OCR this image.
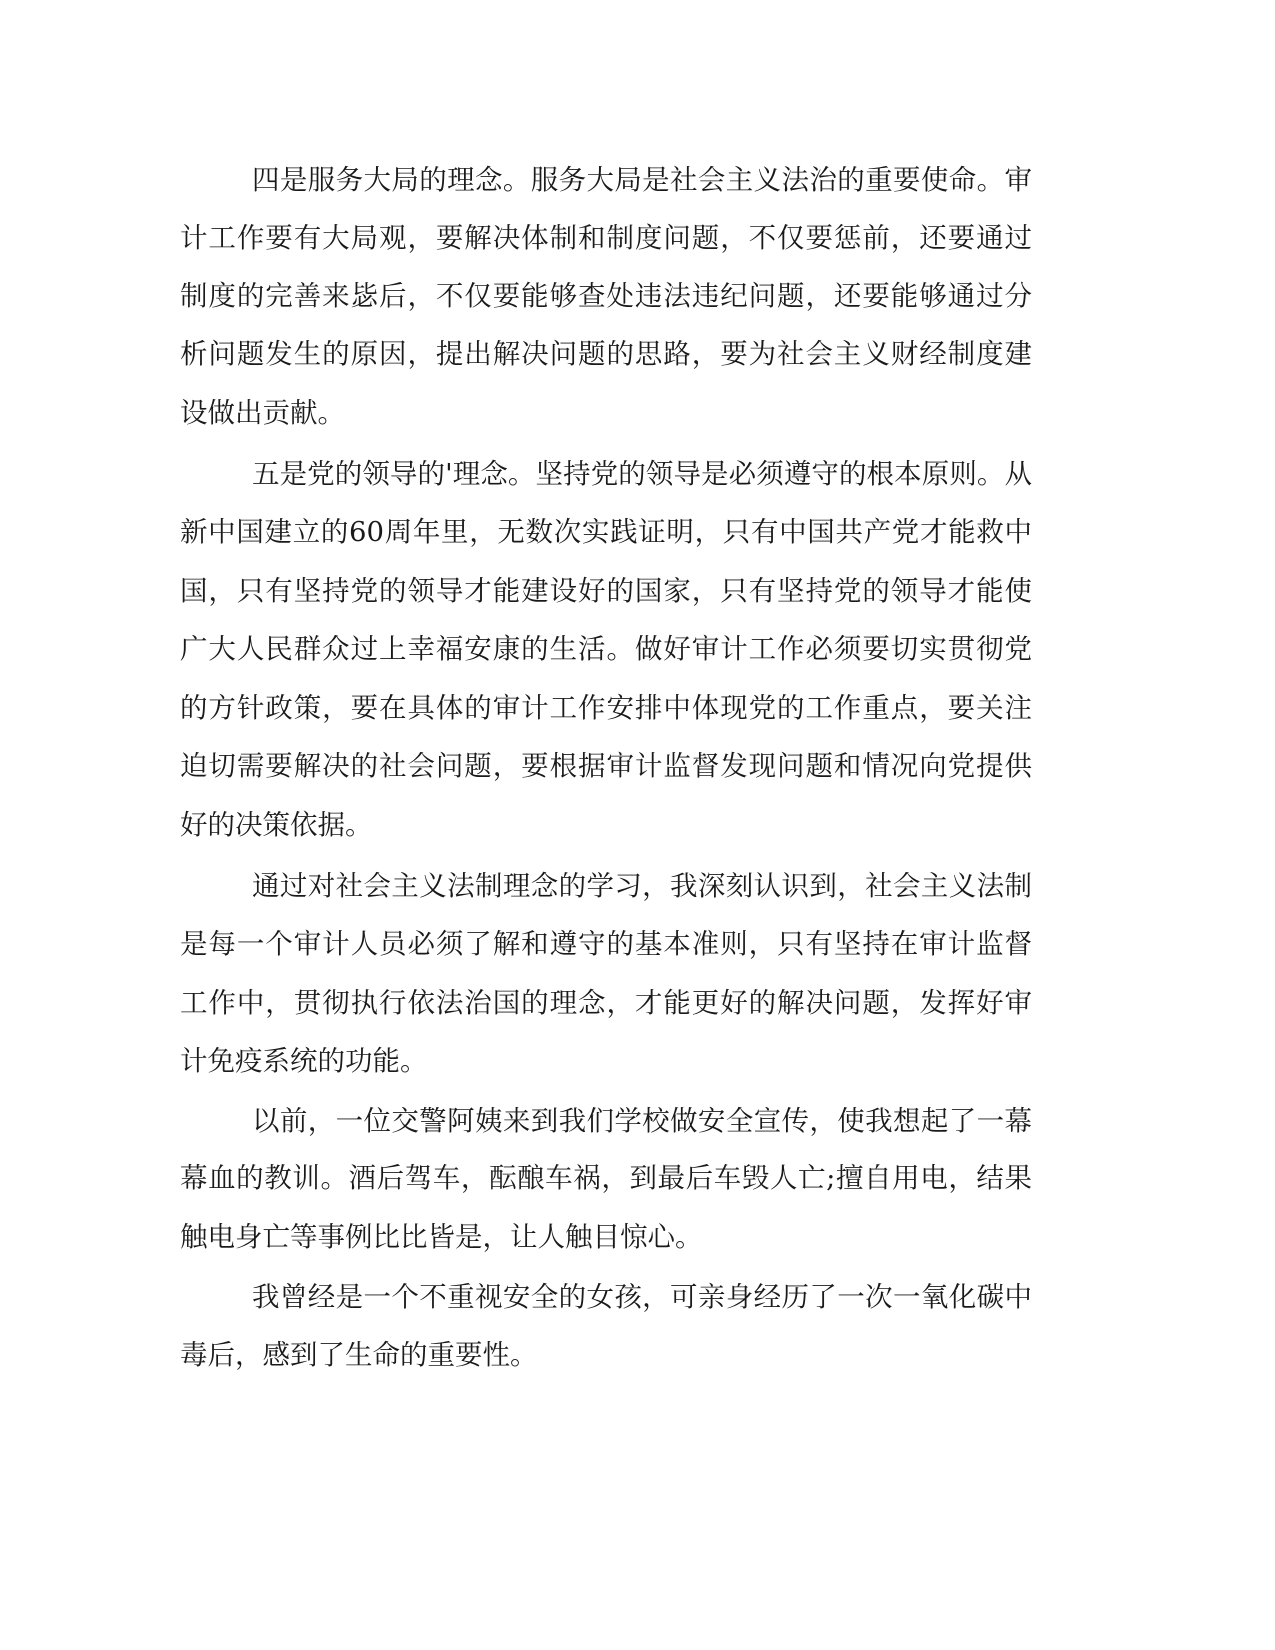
四是服务大局的理念。服务大局是社会主义法治的重要使命。审
计工作要有大局观，要解决体制和制度问题，不仅要惩前，还要通过
制度的完善来毖后，不仅要能够查处违法违纪问题，还要能够通过分
析问题发生的原因，提出解决问题的思路，要为社会主义财经制度建
设做出贡献。
五是党的领导的'理念。坚持党的领导是必须遵守的根本原则。从
新中国建立的60周年里，无数次实践证明，只有中国共产党才能救中
国，只有坚持党的领导才能建设好的国家，只有坚持党的领导才能使
广大人民群众过上幸福安康的生活。做好审计工作必须要切实贯彻党
的方针政策，要在具体的审计工作安排中体现党的工作重点，要关注
迫切需要解决的社会问题，要根据审计监督发现问题和情况向党提供
好的决策依据。
通过对社会主义法制理念的学习，我深刻认识到，社会主义法制
是每一个审计人员必须了解和遵守的基本准则，只有坚持在审计监督
工作中，贯彻执行依法治国的理念，才能更好的解决问题，发挥好审
计免疫系统的功能。
以前，一位交警阿姨来到我们学校做安全宣传，使我想起了一幕
幕血的教训。酒后驾车，酝酿车祸，到最后车毁人亡;擅自用电，结果
触电身亡等事例比比皆是，让人触目惊心。
我曾经是一个不重视安全的女孩，可亲身经历了一次一氧化碳中
毒后，感到了生命的重要性。
